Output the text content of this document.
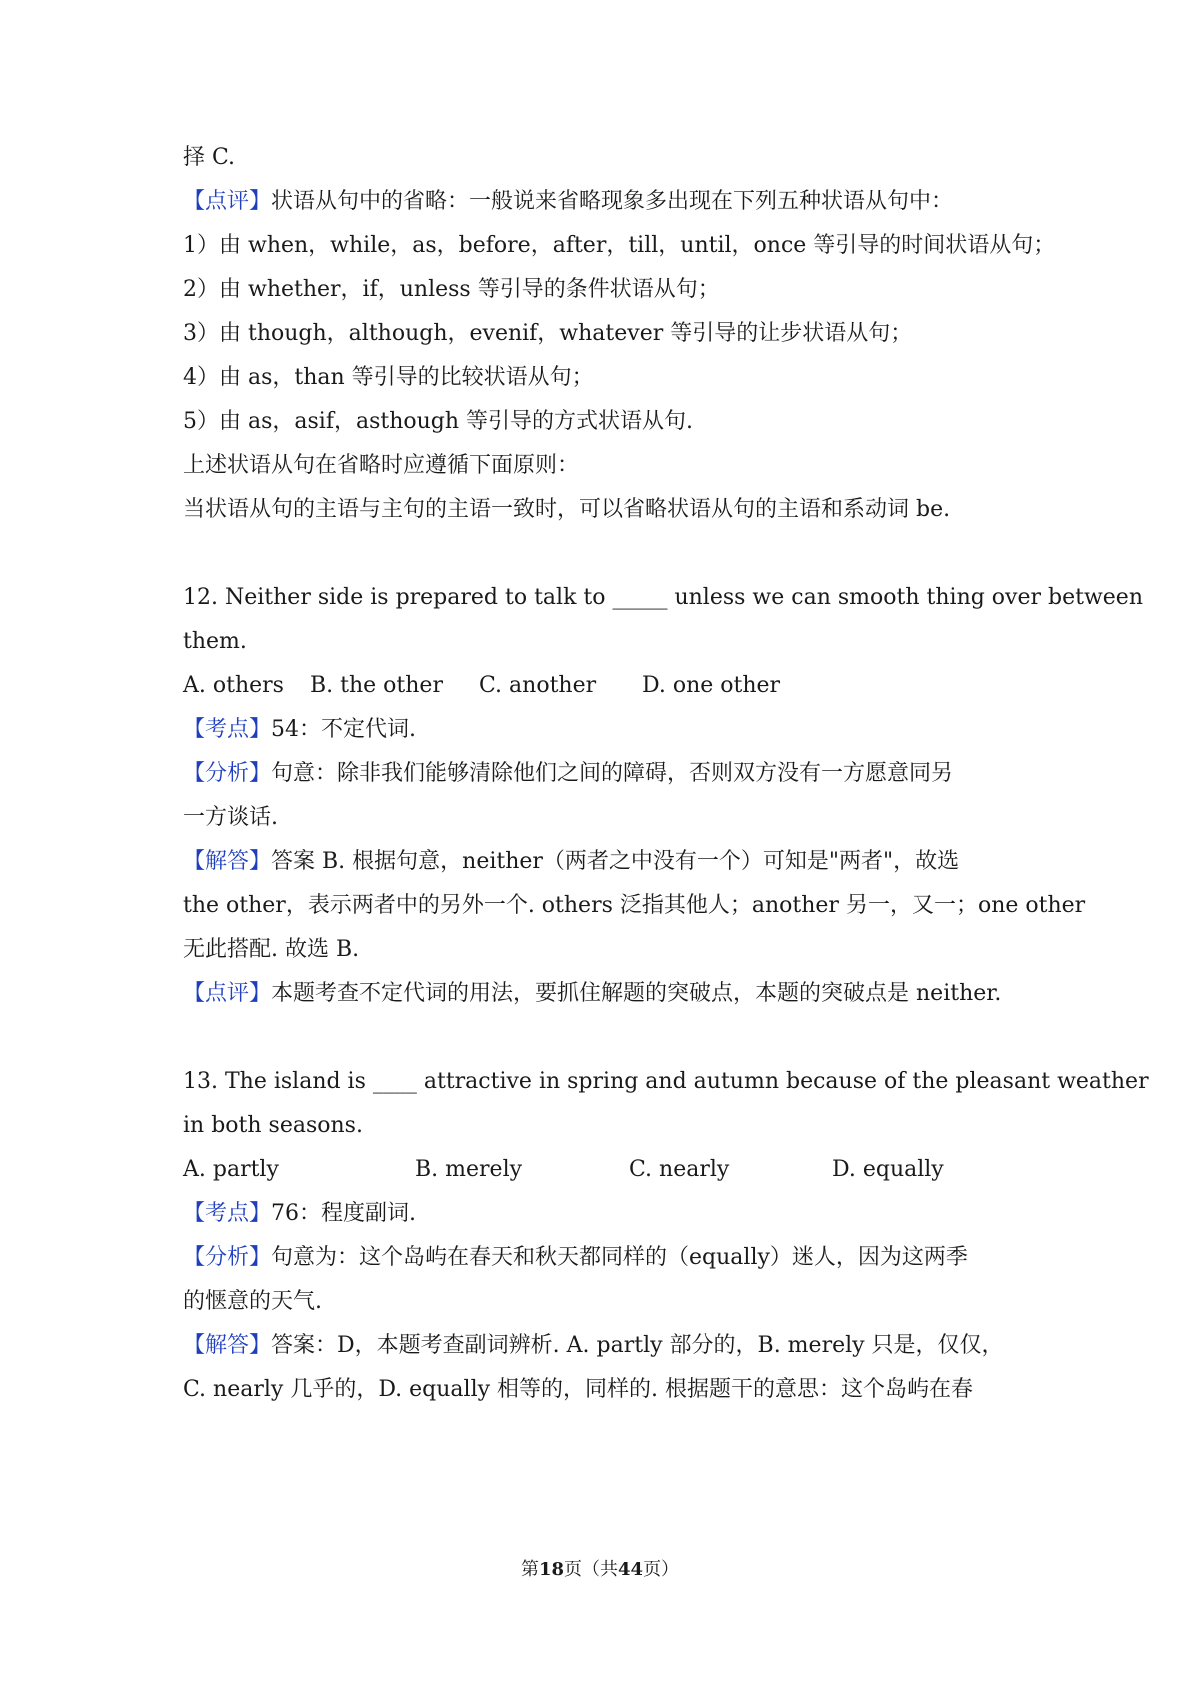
择 C.
【点评】状语从句中的省略：一般说来省略现象多出现在下列五种状语从句中：
1）由 when，while，as，before，after，till，until，once 等引导的时间状语从句；
2）由 whether，if，unless 等引导的条件状语从句；
3）由 though，although，evenif，whatever 等引导的让步状语从句；
4）由 as，than 等引导的比较状语从句；
5）由 as，asif，asthough 等引导的方式状语从句.
上述状语从句在省略时应遵循下面原则：
当状语从句的主语与主句的主语一致时，可以省略状语从句的主语和系动词 be.
12. Neither side is prepared to talk to _____ unless we can smooth thing over between
them.
A. others B. the other C. another D. one other
【考点】54：不定代词.
【分析】句意：除非我们能够清除他们之间的障碍，否则双方没有一方愿意同另
一方谈话.
【解答】答案 B. 根据句意，neither（两者之中没有一个）可知是"两者"，故选
the other，表示两者中的另外一个. others 泛指其他人；another 另一，又一；one other
无此搭配. 故选 B.
【点评】本题考查不定代词的用法，要抓住解题的突破点，本题的突破点是 neither.
13. The island is ____ attractive in spring and autumn because of the pleasant weather
in both seasons.
A. partly	B. merely	C. nearly	D. equally
【考点】76：程度副词.
【分析】句意为：这个岛屿在春天和秋天都同样的（equally）迷人，因为这两季
的惬意的天气.
【解答】答案：D，本题考查副词辨析. A. partly 部分的，B. merely 只是，仅仅，
C. nearly 几乎的，D. equally 相等的，同样的. 根据题干的意思：这个岛屿在春
第18页（共44页）
